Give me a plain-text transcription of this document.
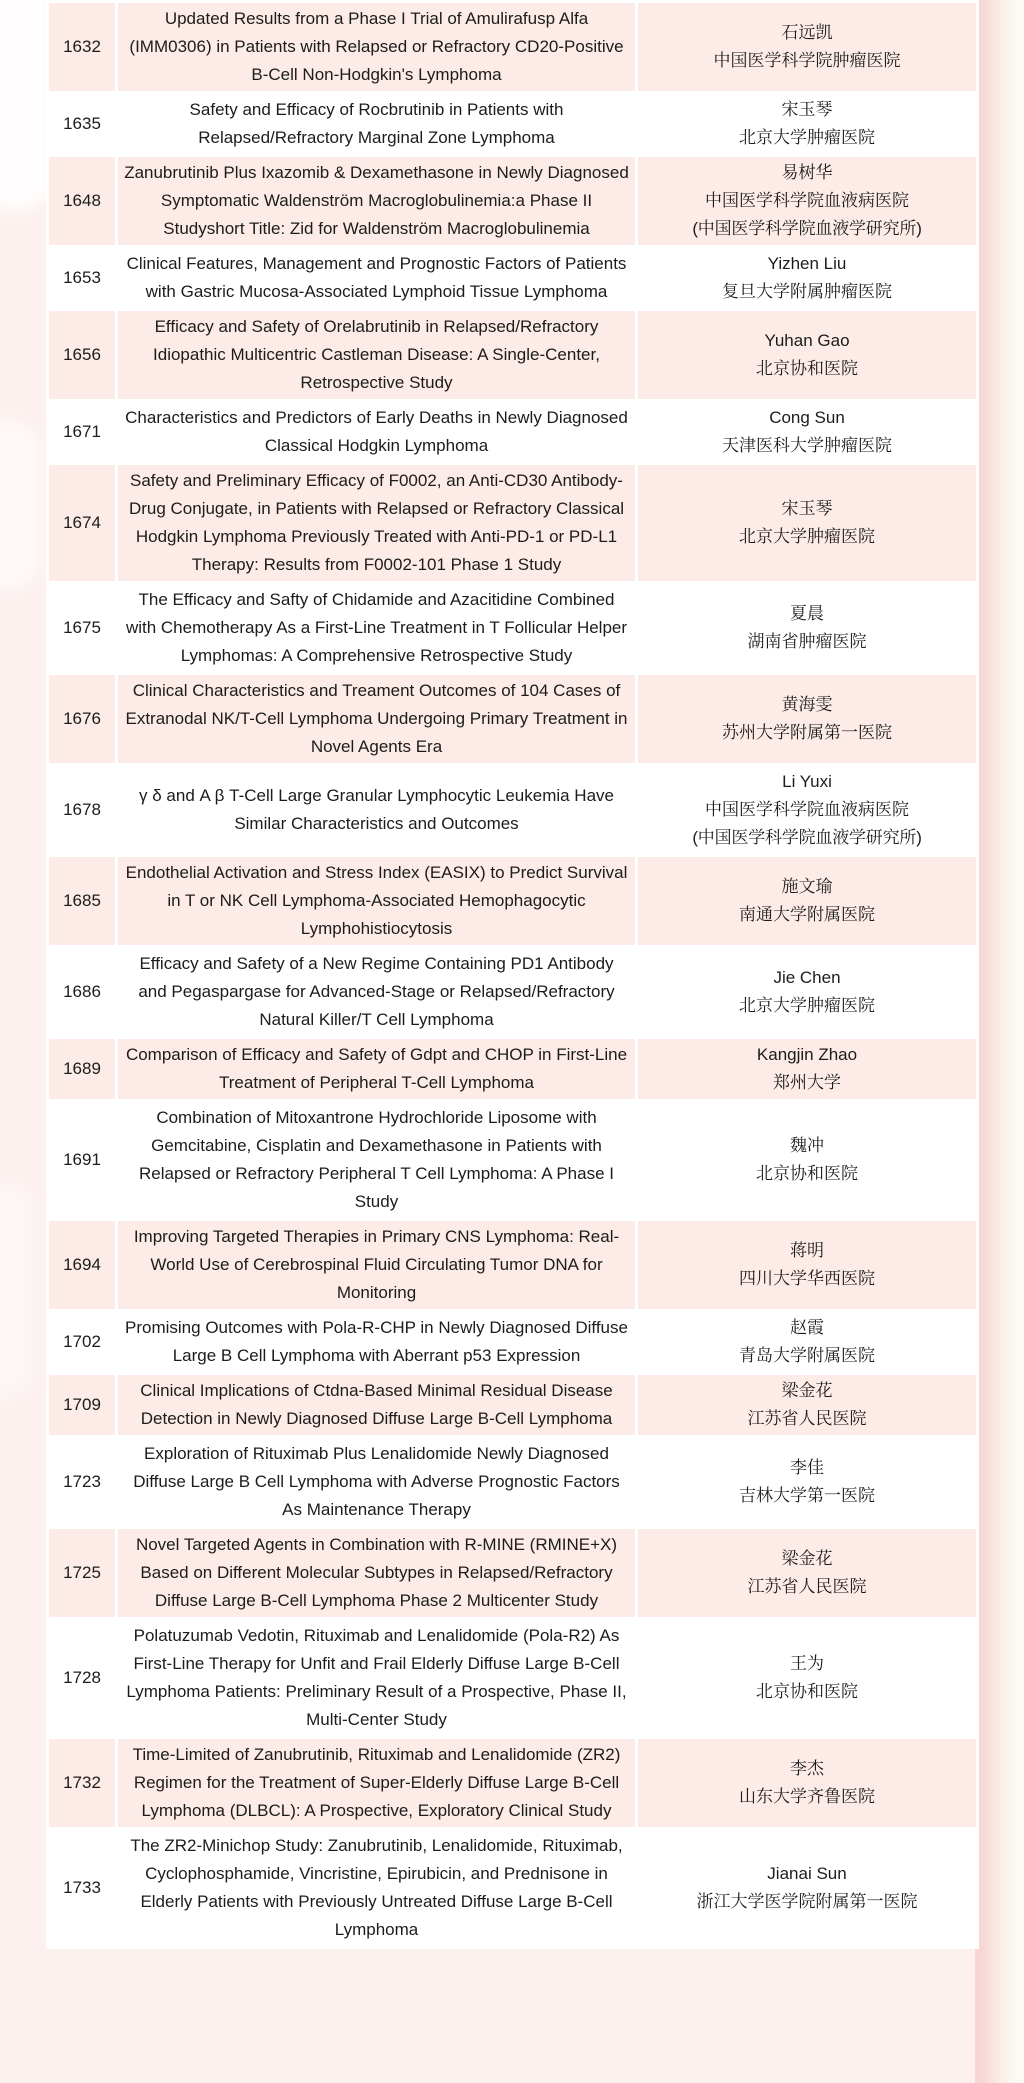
1632	Updated Results from a Phase I Trial of Amulirafusp Alfa (IMM0306) in Patients with Relapsed or Refractory CD20-Positive B-Cell Non-Hodgkin's Lymphoma	石远凯
中国医学科学院肿瘤医院

1635	Safety and Efficacy of Rocbrutinib in Patients with Relapsed/Refractory Marginal Zone Lymphoma	宋玉琴
北京大学肿瘤医院

1648	Zanubrutinib Plus Ixazomib & Dexamethasone in Newly Diagnosed Symptomatic Waldenström Macroglobulinemia:a Phase II Studyshort Title: Zid for Waldenström Macroglobulinemia	易树华
中国医学科学院血液病医院
(中国医学科学院血液学研究所)

1653	Clinical Features, Management and Prognostic Factors of Patients with Gastric Mucosa-Associated Lymphoid Tissue Lymphoma	Yizhen Liu
复旦大学附属肿瘤医院

1656	Efficacy and Safety of Orelabrutinib in Relapsed/Refractory Idiopathic Multicentric Castleman Disease: A Single-Center, Retrospective Study	Yuhan Gao
北京协和医院

1671	Characteristics and Predictors of Early Deaths in Newly Diagnosed Classical Hodgkin Lymphoma	Cong Sun
天津医科大学肿瘤医院

1674	Safety and Preliminary Efficacy of F0002, an Anti-CD30 Antibody-Drug Conjugate, in Patients with Relapsed or Refractory Classical Hodgkin Lymphoma Previously Treated with Anti-PD-1 or PD-L1 Therapy: Results from F0002-101 Phase 1 Study	宋玉琴
北京大学肿瘤医院

1675	The Efficacy and Safty of Chidamide and Azacitidine Combined with Chemotherapy As a First-Line Treatment in T Follicular Helper Lymphomas: A Comprehensive Retrospective Study	夏晨
湖南省肿瘤医院

1676	Clinical Characteristics and Treament Outcomes of 104 Cases of Extranodal NK/T-Cell Lymphoma Undergoing Primary Treatment in Novel Agents Era	黄海雯
苏州大学附属第一医院

1678	γ δ and Α β T-Cell Large Granular Lymphocytic Leukemia Have Similar Characteristics and Outcomes	Li Yuxi
中国医学科学院血液病医院
(中国医学科学院血液学研究所)

1685	Endothelial Activation and Stress Index (EASIX) to Predict Survival in T or NK Cell Lymphoma-Associated Hemophagocytic Lymphohistiocytosis	施文瑜
南通大学附属医院

1686	Efficacy and Safety of a New Regime Containing PD1 Antibody and Pegaspargase for Advanced-Stage or Relapsed/Refractory Natural Killer/T Cell Lymphoma	Jie Chen
北京大学肿瘤医院

1689	Comparison of Efficacy and Safety of Gdpt and CHOP in First-Line Treatment of Peripheral T-Cell Lymphoma	Kangjin Zhao
郑州大学

1691	Combination of Mitoxantrone Hydrochloride Liposome with Gemcitabine, Cisplatin and Dexamethasone in Patients with Relapsed or Refractory Peripheral T Cell Lymphoma: A Phase I Study	魏冲
北京协和医院

1694	Improving Targeted Therapies in Primary CNS Lymphoma: Real-World Use of Cerebrospinal Fluid Circulating Tumor DNA for Monitoring	蒋明
四川大学华西医院

1702	Promising Outcomes with Pola-R-CHP in Newly Diagnosed Diffuse Large B Cell Lymphoma with Aberrant p53 Expression	赵霞
青岛大学附属医院

1709	Clinical Implications of Ctdna-Based Minimal Residual Disease Detection in Newly Diagnosed Diffuse Large B-Cell Lymphoma	梁金花
江苏省人民医院

1723	Exploration of Rituximab Plus Lenalidomide Newly Diagnosed Diffuse Large B Cell Lymphoma with Adverse Prognostic Factors As Maintenance Therapy	李佳
吉林大学第一医院

1725	Novel Targeted Agents in Combination with R-MINE (RMINE+X) Based on Different Molecular Subtypes in Relapsed/Refractory Diffuse Large B-Cell Lymphoma Phase 2 Multicenter Study	梁金花
江苏省人民医院

1728	Polatuzumab Vedotin, Rituximab and Lenalidomide (Pola-R2) As First-Line Therapy for Unfit and Frail Elderly Diffuse Large B-Cell Lymphoma Patients: Preliminary Result of a Prospective, Phase II, Multi-Center Study	王为
北京协和医院

1732	Time-Limited of Zanubrutinib, Rituximab and Lenalidomide (ZR2) Regimen for the Treatment of Super-Elderly Diffuse Large B-Cell Lymphoma (DLBCL): A Prospective, Exploratory Clinical Study	李杰
山东大学齐鲁医院

1733	The ZR2-Minichop Study: Zanubrutinib, Lenalidomide, Rituximab, Cyclophosphamide, Vincristine, Epirubicin, and Prednisone in Elderly Patients with Previously Untreated Diffuse Large B-Cell Lymphoma	Jianai Sun
浙江大学医学院附属第一医院
